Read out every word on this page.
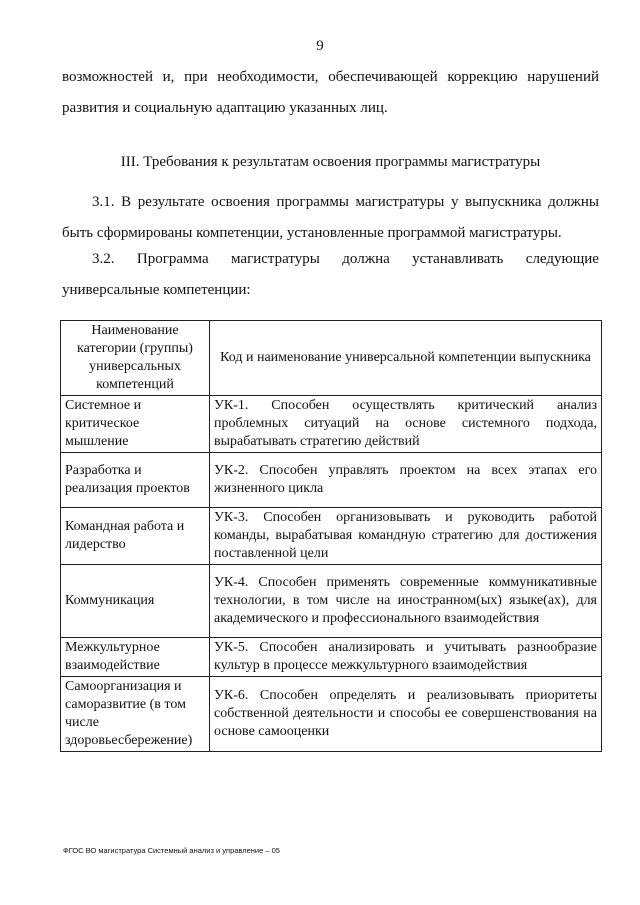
9

возможностей и, при необходимости, обеспечивающей коррекцию нарушений развития и социальную адаптацию указанных лиц.

III. Требования к результатам освоения программы магистратуры

3.1. В результате освоения программы магистратуры у выпускника должны быть сформированы компетенции, установленные программой магистратуры.

3.2. Программа магистратуры должна устанавливать следующие
универсальные компетенции:
Наименование категории (группы) универсальных компетенций	Код и наименование универсальной компетенции выпускника
Системное и критическое мышление	УК-1. Способен осуществлять критический анализ проблемных ситуаций на основе системного подхода, вырабатывать стратегию действий
Разработка и реализация проектов	УК-2. Способен управлять проектом на всех этапах его жизненного цикла
Командная работа и лидерство	УК-3. Способен организовывать и руководить работой команды, вырабатывая командную стратегию для достижения поставленной цели
Коммуникация	УК-4. Способен применять современные коммуникативные технологии, в том числе на иностранном(ых) языке(ах), для академического и профессионального взаимодействия
Межкультурное взаимодействие	УК-5. Способен анализировать и учитывать разнообразие культур в процессе межкультурного взаимодействия
Самоорганизация и саморазвитие (в том числе здоровьесбережение)	УК-6. Способен определять и реализовывать приоритеты собственной деятельности и способы ее совершенствования на основе самооценки
ФГОС ВО магистратура Системный анализ и управление – 05
